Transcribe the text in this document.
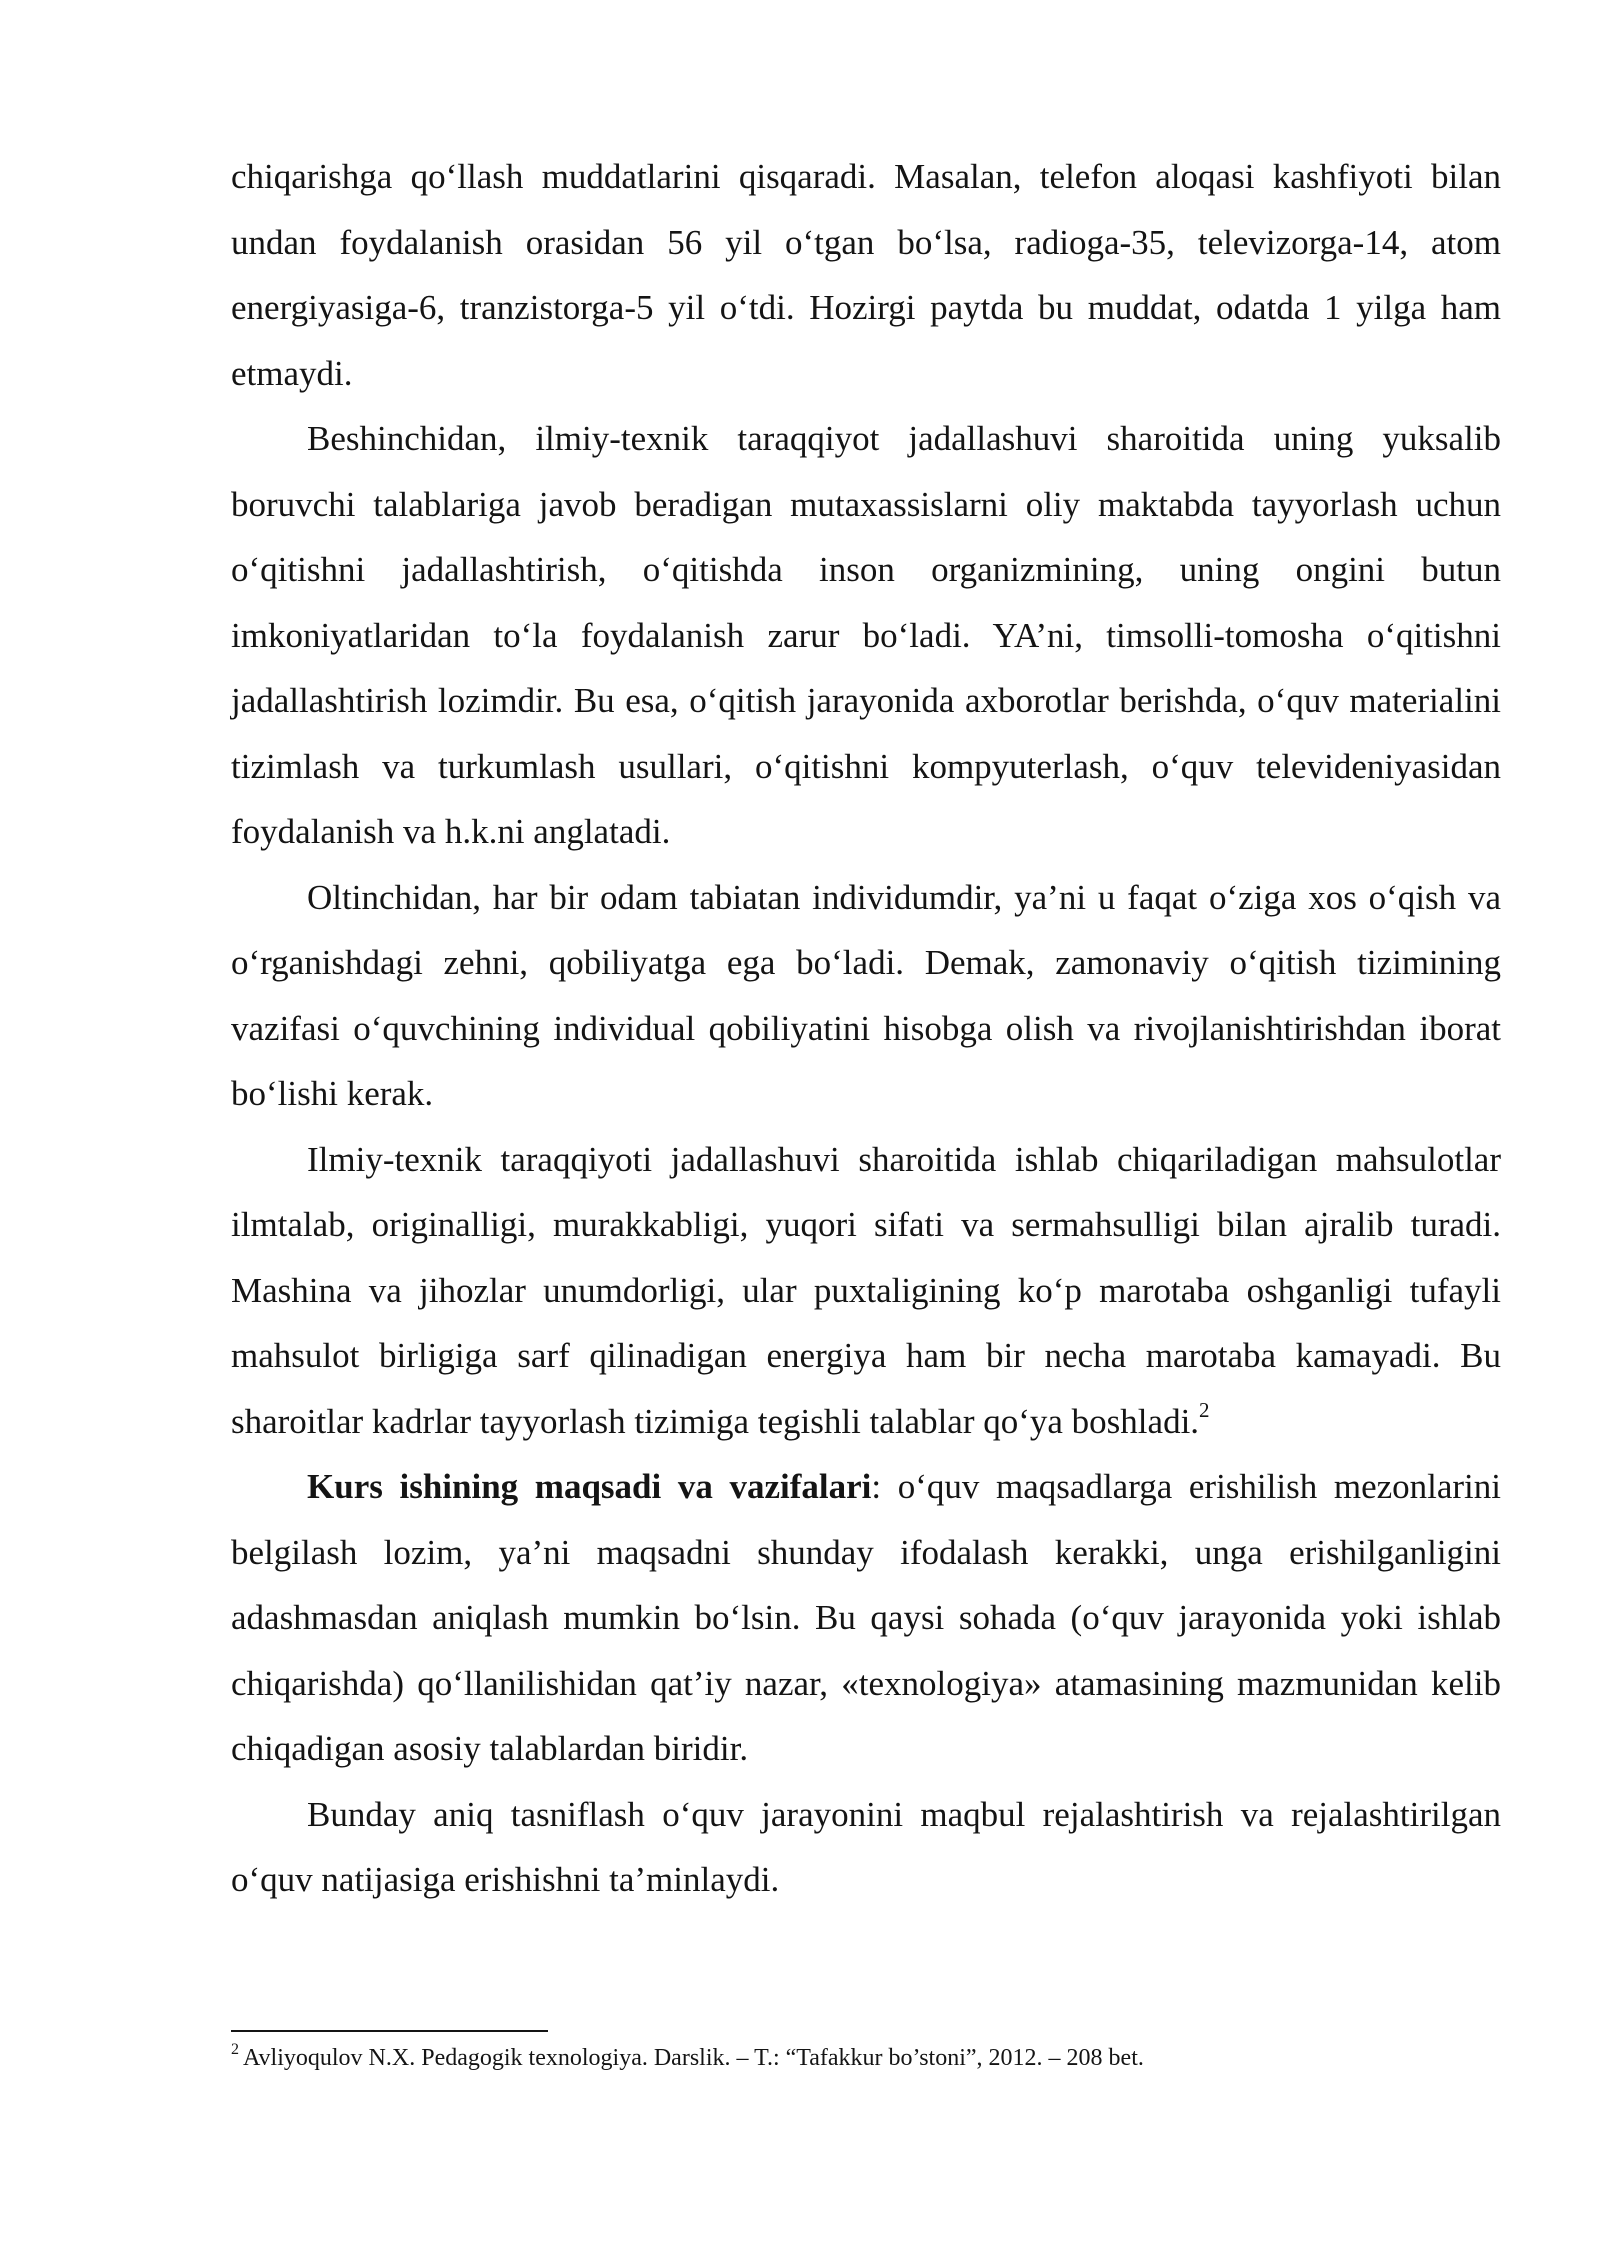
chiqarishga qo‘llash muddatlarini qisqaradi. Masalan, telefon aloqasi kashfiyoti bilan undan foydalanish orasidan 56 yil o‘tgan bo‘lsa, radioga-35, televizorga-14, atom energiyasiga-6, tranzistorga-5 yil o‘tdi. Hozirgi paytda bu muddat, odatda 1 yilga ham etmaydi.

Beshinchidan, ilmiy-texnik taraqqiyot jadallashuvi sharoitida uning yuksalib boruvchi talablariga javob beradigan mutaxassislarni oliy maktabda tayyorlash uchun o‘qitishni jadallashtirish, o‘qitishda inson organizmining, uning ongini butun imkoniyatlaridan to‘la foydalanish zarur bo‘ladi. YA’ni, timsolli-tomosha o‘qitishni jadallashtirish lozimdir. Bu esa, o‘qitish jarayonida axborotlar berishda, o‘quv materialini tizimlash va turkumlash usullari, o‘qitishni kompyuterlash, o‘quv televideniyasidan foydalanish va h.k.ni anglatadi.

Oltinchidan, har bir odam tabiatan individumdir, ya’ni u faqat o‘ziga xos o‘qish va o‘rganishdagi zehni, qobiliyatga ega bo‘ladi. Demak, zamonaviy o‘qitish tizimining vazifasi o‘quvchining individual qobiliyatini hisobga olish va rivojlanishtirishdan iborat bo‘lishi kerak.

Ilmiy-texnik taraqqiyoti jadallashuvi sharoitida ishlab chiqariladigan mahsulotlar ilmtalab, originalligi, murakkabligi, yuqori sifati va sermahsulligi bilan ajralib turadi. Mashina va jihozlar unumdorligi, ular puxtaligining ko‘p marotaba oshganligi tufayli mahsulot birligiga sarf qilinadigan energiya ham bir necha marotaba kamayadi. Bu sharoitlar kadrlar tayyorlash tizimiga tegishli talablar qo‘ya boshladi.$^2$

Kurs ishining maqsadi va vazifalari: o‘quv maqsadlarga erishilish mezonlarini belgilash lozim, ya’ni maqsadni shunday ifodalash kerakki, unga erishilganligini adashmasdan aniqlash mumkin bo‘lsin. Bu qaysi sohada (o‘quv jarayonida yoki ishlab chiqarishda) qo‘llanilishidan qat’iy nazar, «texnologiya» atamasining mazmunidan kelib chiqadigan asosiy talablardan biridir.

Bunday aniq tasniflash o‘quv jarayonini maqbul rejalashtirish va rejalashtirilgan o‘quv natijasiga erishishni ta’minlaydi.

$^2$ Avliyoqulov N.X. Pedagogik texnologiya. Darslik. – T.: “Tafakkur bo’stoni”, 2012. – 208 bet.
